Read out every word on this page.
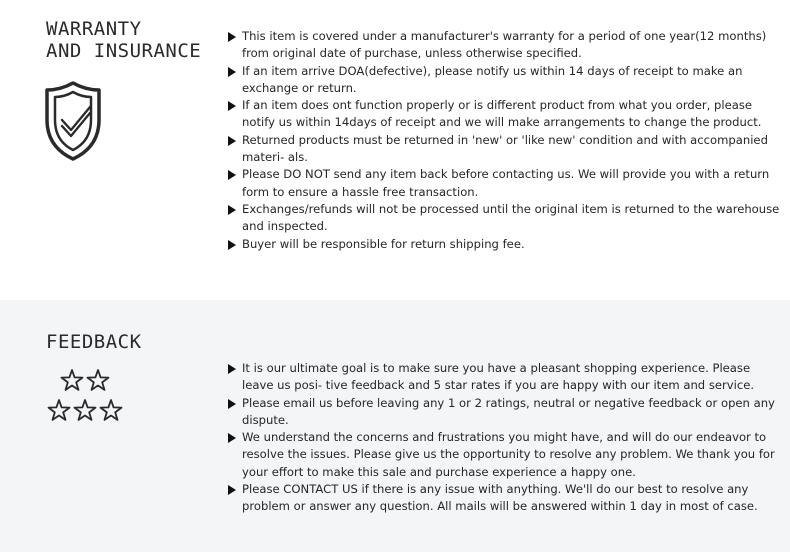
WARRANTY
AND INSURANCE
This item is covered under a manufacturer's warranty for a period of one year(12 months) from original date of purchase, unless otherwise specified.
If an item arrive DOA(defective), please notify us within 14 days of receipt to make an exchange or return.
If an item does ont function properly or is different product from what you order, please notify us within 14days of receipt and we will make arrangements to change the product.
Returned products must be returned in 'new' or 'like new' condition and with accompanied materi- als.
Please DO NOT send any item back before contacting us. We will provide you with a return form to ensure a hassle free transaction.
Exchanges/refunds will not be processed until the original item is returned to the warehouse and inspected.
Buyer will be responsible for return shipping fee.
FEEDBACK
It is our ultimate goal is to make sure you have a pleasant shopping experience. Please leave us posi- tive feedback and 5 star rates if you are happy with our item and service.
Please email us before leaving any 1 or 2 ratings, neutral or negative feedback or open any dispute.
We understand the concerns and frustrations you might have, and will do our endeavor to resolve the issues. Please give us the opportunity to resolve any problem. We thank you for your effort to make this sale and purchase experience a happy one.
Please CONTACT US if there is any issue with anything. We'll do our best to resolve any problem or answer any question. All mails will be answered within 1 day in most of case.
